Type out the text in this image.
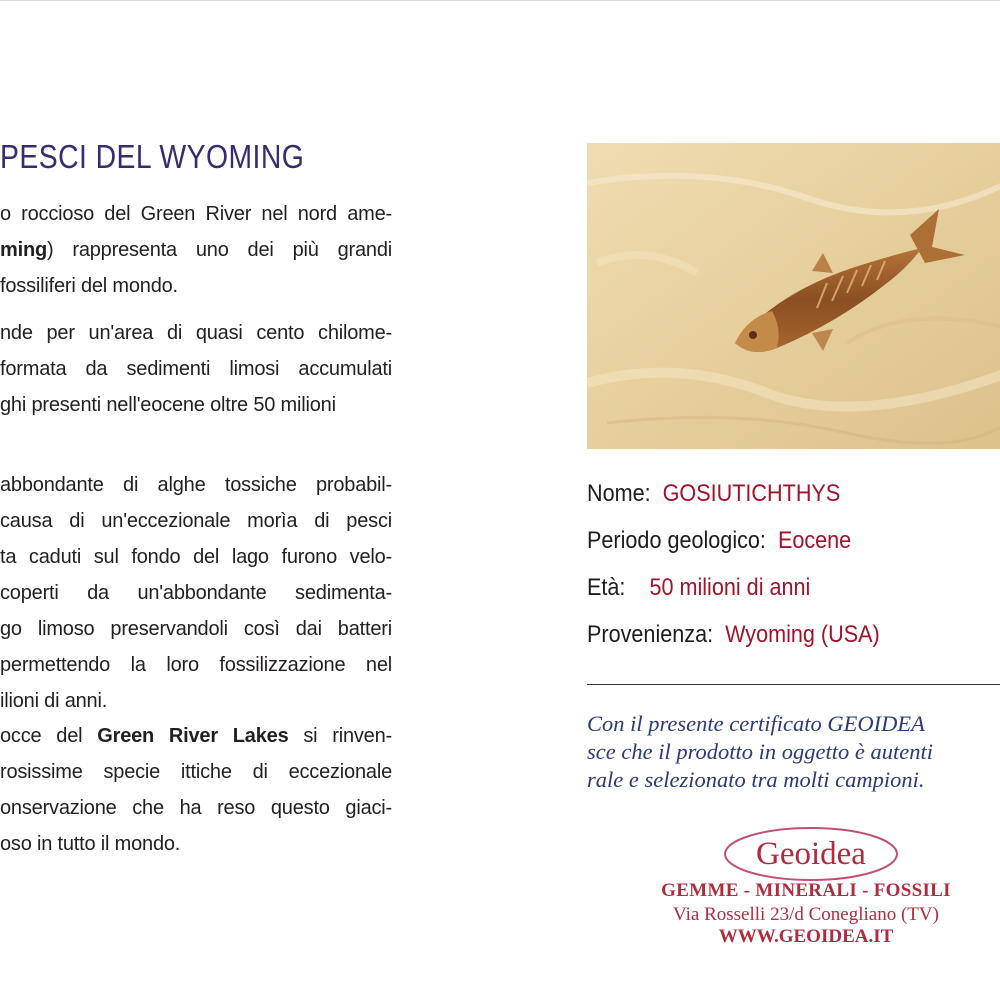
PESCI DEL WYOMING
o roccioso del Green River nel nord ame-
ming) rappresenta uno dei più grandi
fossiliferi del mondo.
nde per un'area di quasi cento chilome-
formata da sedimenti limosi accumulati
ghi presenti nell'eocene oltre 50 milioni
abbondante di alghe tossiche probabil-
causa di un'eccezionale morìa di pesci
ta caduti sul fondo del lago furono velo-
coperti da un'abbondante sedimenta-
go limoso preservandoli così dai batteri
permettendo la loro fossilizzazione nel
ilioni di anni.
occe del Green River Lakes si rinven-
rosissime specie ittiche di eccezionale
onservazione che ha reso questo giaci-
oso in tutto il mondo.
Nome: GOSIUTICHTHYS
Periodo geologico: Eocene
Età: 50 milioni di anni
Provenienza: Wyoming (USA)
Con il presente certificato GEOIDEA
sce che il prodotto in oggetto è autenti
rale e selezionato tra molti campioni.
Geoidea
GEMME - MINERALI - FOSSILI
Via Rosselli 23/d Conegliano (TV)
WWW.GEOIDEA.IT
